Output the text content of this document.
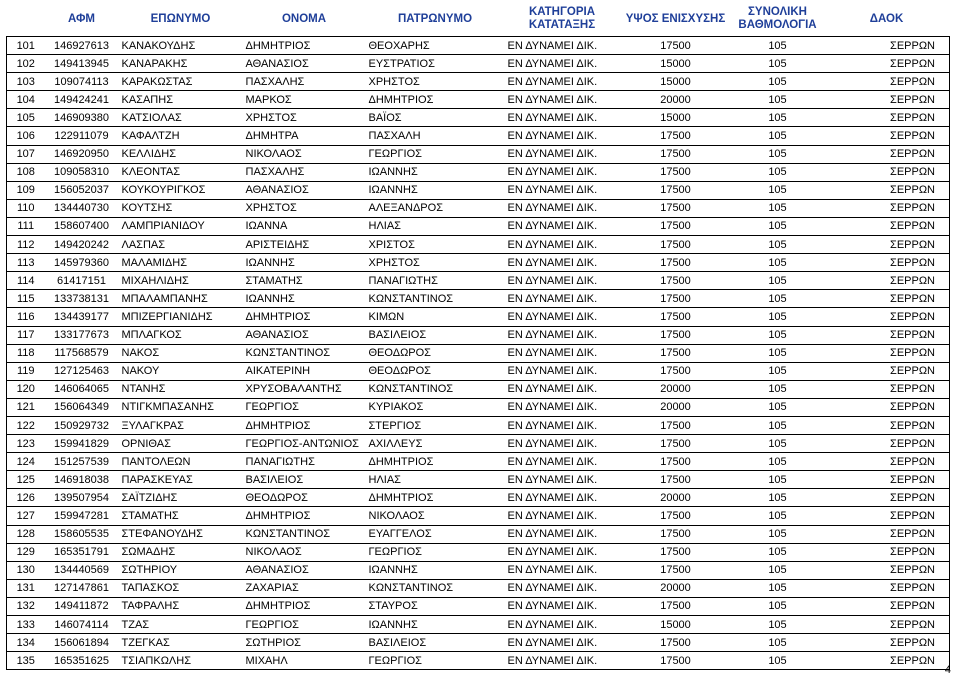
	ΑΦΜ	ΕΠΩΝΥΜΟ	ΟΝΟΜΑ	ΠΑΤΡΩΝΥΜΟ	ΚΑΤΗΓΟΡΙΑ ΚΑΤΑΤΑΞΗΣ	ΥΨΟΣ ΕΝΙΣΧΥΣΗΣ	ΣΥΝΟΛΙΚΗ ΒΑΘΜΟΛΟΓΙΑ	ΔΑΟΚ
101	146927613	ΚΑΝΑΚΟΥΔΗΣ	ΔΗΜΗΤΡΙΟΣ	ΘΕΟΧΑΡΗΣ	ΕΝ ΔΥΝΑΜΕΙ ΔΙΚ.	17500	105	ΣΕΡΡΩΝ
102	149413945	ΚΑΝΑΡΑΚΗΣ	ΑΘΑΝΑΣΙΟΣ	ΕΥΣΤΡΑΤΙΟΣ	ΕΝ ΔΥΝΑΜΕΙ ΔΙΚ.	15000	105	ΣΕΡΡΩΝ
103	109074113	ΚΑΡΑΚΩΣΤΑΣ	ΠΑΣΧΑΛΗΣ	ΧΡΗΣΤΟΣ	ΕΝ ΔΥΝΑΜΕΙ ΔΙΚ.	15000	105	ΣΕΡΡΩΝ
104	149424241	ΚΑΣΑΠΗΣ	ΜΑΡΚΟΣ	ΔΗΜΗΤΡΙΟΣ	ΕΝ ΔΥΝΑΜΕΙ ΔΙΚ.	20000	105	ΣΕΡΡΩΝ
105	146909380	ΚΑΤΣΙΟΛΑΣ	ΧΡΗΣΤΟΣ	ΒΑΪΟΣ	ΕΝ ΔΥΝΑΜΕΙ ΔΙΚ.	15000	105	ΣΕΡΡΩΝ
106	122911079	ΚΑΦΑΛΤΖΗ	ΔΗΜΗΤΡΑ	ΠΑΣΧΑΛΗ	ΕΝ ΔΥΝΑΜΕΙ ΔΙΚ.	17500	105	ΣΕΡΡΩΝ
107	146920950	ΚΕΛΛΙΔΗΣ	ΝΙΚΟΛΑΟΣ	ΓΕΩΡΓΙΟΣ	ΕΝ ΔΥΝΑΜΕΙ ΔΙΚ.	17500	105	ΣΕΡΡΩΝ
108	109058310	ΚΛΕΟΝΤΑΣ	ΠΑΣΧΑΛΗΣ	ΙΩΑΝΝΗΣ	ΕΝ ΔΥΝΑΜΕΙ ΔΙΚ.	17500	105	ΣΕΡΡΩΝ
109	156052037	ΚΟΥΚΟΥΡΙΓΚΟΣ	ΑΘΑΝΑΣΙΟΣ	ΙΩΑΝΝΗΣ	ΕΝ ΔΥΝΑΜΕΙ ΔΙΚ.	17500	105	ΣΕΡΡΩΝ
110	134440730	ΚΟΥΤΣΗΣ	ΧΡΗΣΤΟΣ	ΑΛΕΞΑΝΔΡΟΣ	ΕΝ ΔΥΝΑΜΕΙ ΔΙΚ.	17500	105	ΣΕΡΡΩΝ
111	158607400	ΛΑΜΠΡΙΑΝΙΔΟΥ	ΙΩΑΝΝΑ	ΗΛΙΑΣ	ΕΝ ΔΥΝΑΜΕΙ ΔΙΚ.	17500	105	ΣΕΡΡΩΝ
112	149420242	ΛΑΣΠΑΣ	ΑΡΙΣΤΕΙΔΗΣ	ΧΡΙΣΤΟΣ	ΕΝ ΔΥΝΑΜΕΙ ΔΙΚ.	17500	105	ΣΕΡΡΩΝ
113	145979360	ΜΑΛΑΜΙΔΗΣ	ΙΩΑΝΝΗΣ	ΧΡΗΣΤΟΣ	ΕΝ ΔΥΝΑΜΕΙ ΔΙΚ.	17500	105	ΣΕΡΡΩΝ
114	61417151	ΜΙΧΑΗΛΙΔΗΣ	ΣΤΑΜΑΤΗΣ	ΠΑΝΑΓΙΩΤΗΣ	ΕΝ ΔΥΝΑΜΕΙ ΔΙΚ.	17500	105	ΣΕΡΡΩΝ
115	133738131	ΜΠΑΛΑΜΠΑΝΗΣ	ΙΩΑΝΝΗΣ	ΚΩΝΣΤΑΝΤΙΝΟΣ	ΕΝ ΔΥΝΑΜΕΙ ΔΙΚ.	17500	105	ΣΕΡΡΩΝ
116	134439177	ΜΠΙΖΕΡΓΙΑΝΙΔΗΣ	ΔΗΜΗΤΡΙΟΣ	ΚΙΜΩΝ	ΕΝ ΔΥΝΑΜΕΙ ΔΙΚ.	17500	105	ΣΕΡΡΩΝ
117	133177673	ΜΠΛΑΓΚΟΣ	ΑΘΑΝΑΣΙΟΣ	ΒΑΣΙΛΕΙΟΣ	ΕΝ ΔΥΝΑΜΕΙ ΔΙΚ.	17500	105	ΣΕΡΡΩΝ
118	117568579	ΝΑΚΟΣ	ΚΩΝΣΤΑΝΤΙΝΟΣ	ΘΕΟΔΩΡΟΣ	ΕΝ ΔΥΝΑΜΕΙ ΔΙΚ.	17500	105	ΣΕΡΡΩΝ
119	127125463	ΝΑΚΟΥ	ΑΙΚΑΤΕΡΙΝΗ	ΘΕΟΔΩΡΟΣ	ΕΝ ΔΥΝΑΜΕΙ ΔΙΚ.	17500	105	ΣΕΡΡΩΝ
120	146064065	ΝΤΑΝΗΣ	ΧΡΥΣΟΒΑΛΑΝΤΗΣ	ΚΩΝΣΤΑΝΤΙΝΟΣ	ΕΝ ΔΥΝΑΜΕΙ ΔΙΚ.	20000	105	ΣΕΡΡΩΝ
121	156064349	ΝΤΙΓΚΜΠΑΣΑΝΗΣ	ΓΕΩΡΓΙΟΣ	ΚΥΡΙΑΚΟΣ	ΕΝ ΔΥΝΑΜΕΙ ΔΙΚ.	20000	105	ΣΕΡΡΩΝ
122	150929732	ΞΥΛΑΓΚΡΑΣ	ΔΗΜΗΤΡΙΟΣ	ΣΤΕΡΓΙΟΣ	ΕΝ ΔΥΝΑΜΕΙ ΔΙΚ.	17500	105	ΣΕΡΡΩΝ
123	159941829	ΟΡΝΙΘΑΣ	ΓΕΩΡΓΙΟΣ-ΑΝΤΩΝΙΟΣ	ΑΧΙΛΛΕΥΣ	ΕΝ ΔΥΝΑΜΕΙ ΔΙΚ.	17500	105	ΣΕΡΡΩΝ
124	151257539	ΠΑΝΤΟΛΕΩΝ	ΠΑΝΑΓΙΩΤΗΣ	ΔΗΜΗΤΡΙΟΣ	ΕΝ ΔΥΝΑΜΕΙ ΔΙΚ.	17500	105	ΣΕΡΡΩΝ
125	146918038	ΠΑΡΑΣΚΕΥΑΣ	ΒΑΣΙΛΕΙΟΣ	ΗΛΙΑΣ	ΕΝ ΔΥΝΑΜΕΙ ΔΙΚ.	17500	105	ΣΕΡΡΩΝ
126	139507954	ΣΑΪΤΖΙΔΗΣ	ΘΕΟΔΩΡΟΣ	ΔΗΜΗΤΡΙΟΣ	ΕΝ ΔΥΝΑΜΕΙ ΔΙΚ.	20000	105	ΣΕΡΡΩΝ
127	159947281	ΣΤΑΜΑΤΗΣ	ΔΗΜΗΤΡΙΟΣ	ΝΙΚΟΛΑΟΣ	ΕΝ ΔΥΝΑΜΕΙ ΔΙΚ.	17500	105	ΣΕΡΡΩΝ
128	158605535	ΣΤΕΦΑΝΟΥΔΗΣ	ΚΩΝΣΤΑΝΤΙΝΟΣ	ΕΥΑΓΓΕΛΟΣ	ΕΝ ΔΥΝΑΜΕΙ ΔΙΚ.	17500	105	ΣΕΡΡΩΝ
129	165351791	ΣΩΜΑΔΗΣ	ΝΙΚΟΛΑΟΣ	ΓΕΩΡΓΙΟΣ	ΕΝ ΔΥΝΑΜΕΙ ΔΙΚ.	17500	105	ΣΕΡΡΩΝ
130	134440569	ΣΩΤΗΡΙΟΥ	ΑΘΑΝΑΣΙΟΣ	ΙΩΑΝΝΗΣ	ΕΝ ΔΥΝΑΜΕΙ ΔΙΚ.	17500	105	ΣΕΡΡΩΝ
131	127147861	ΤΑΠΑΣΚΟΣ	ΖΑΧΑΡΙΑΣ	ΚΩΝΣΤΑΝΤΙΝΟΣ	ΕΝ ΔΥΝΑΜΕΙ ΔΙΚ.	20000	105	ΣΕΡΡΩΝ
132	149411872	ΤΑΦΡΑΛΗΣ	ΔΗΜΗΤΡΙΟΣ	ΣΤΑΥΡΟΣ	ΕΝ ΔΥΝΑΜΕΙ ΔΙΚ.	17500	105	ΣΕΡΡΩΝ
133	146074114	ΤΖΑΣ	ΓΕΩΡΓΙΟΣ	ΙΩΑΝΝΗΣ	ΕΝ ΔΥΝΑΜΕΙ ΔΙΚ.	15000	105	ΣΕΡΡΩΝ
134	156061894	ΤΖΕΓΚΑΣ	ΣΩΤΗΡΙΟΣ	ΒΑΣΙΛΕΙΟΣ	ΕΝ ΔΥΝΑΜΕΙ ΔΙΚ.	17500	105	ΣΕΡΡΩΝ
135	165351625	ΤΣΙΑΠΚΩΛΗΣ	ΜΙΧΑΗΛ	ΓΕΩΡΓΙΟΣ	ΕΝ ΔΥΝΑΜΕΙ ΔΙΚ.	17500	105	ΣΕΡΡΩΝ
4
